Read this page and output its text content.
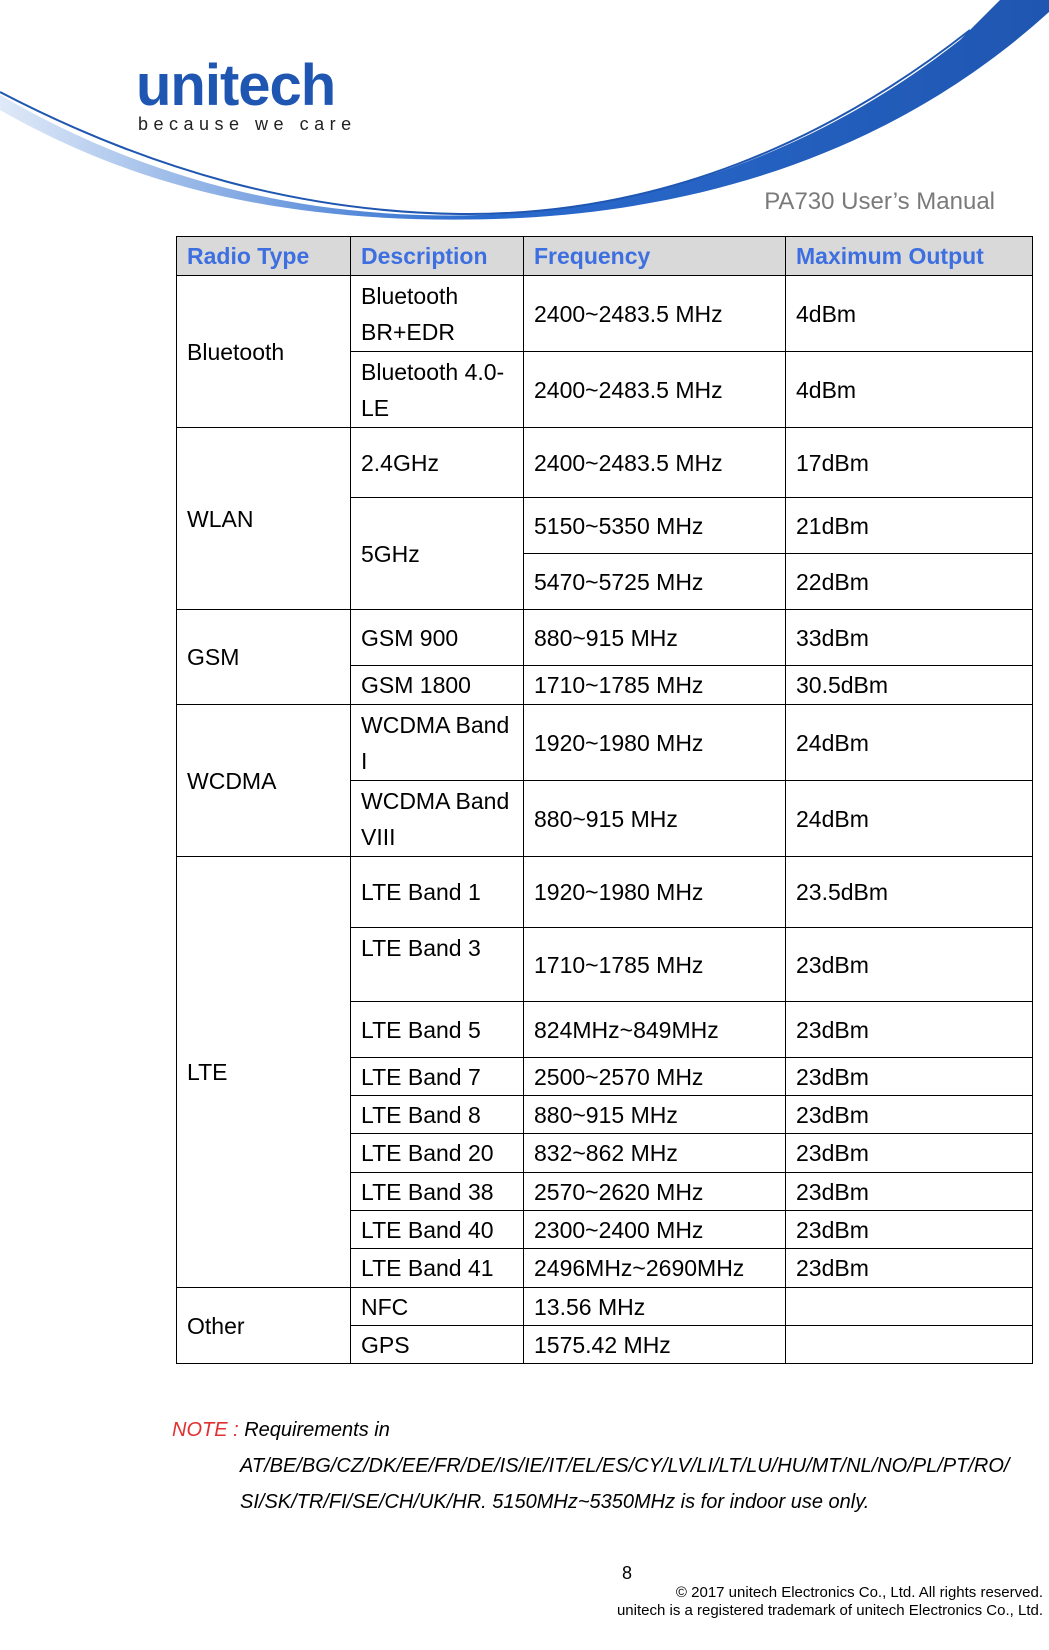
unitech
because we care
PA730 User’s Manual
Radio Type	Description	Frequency	Maximum Output
Bluetooth	Bluetooth BR+EDR	2400~2483.5 MHz	4dBm
	Bluetooth 4.0-LE	2400~2483.5 MHz	4dBm
WLAN	2.4GHz	2400~2483.5 MHz	17dBm
	5GHz	5150~5350 MHz	21dBm
		5470~5725 MHz	22dBm
GSM	GSM 900	880~915 MHz	33dBm
	GSM 1800	1710~1785 MHz	30.5dBm
WCDMA	WCDMA Band I	1920~1980 MHz	24dBm
	WCDMA Band VIII	880~915 MHz	24dBm
LTE	LTE Band 1	1920~1980 MHz	23.5dBm
	LTE Band 3	1710~1785 MHz	23dBm
	LTE Band 5	824MHz~849MHz	23dBm
	LTE Band 7	2500~2570 MHz	23dBm
	LTE Band 8	880~915 MHz	23dBm
	LTE Band 20	832~862 MHz	23dBm
	LTE Band 38	2570~2620 MHz	23dBm
	LTE Band 40	2300~2400 MHz	23dBm
	LTE Band 41	2496MHz~2690MHz	23dBm
Other	NFC	13.56 MHz	
	GPS	1575.42 MHz	
NOTE : Requirements in
AT/BE/BG/CZ/DK/EE/FR/DE/IS/IE/IT/EL/ES/CY/LV/LI/LT/LU/HU/MT/NL/NO/PL/PT/RO/
SI/SK/TR/FI/SE/CH/UK/HR. 5150MHz~5350MHz is for indoor use only.
8
© 2017 unitech Electronics Co., Ltd. All rights reserved.
unitech is a registered trademark of unitech Electronics Co., Ltd.
